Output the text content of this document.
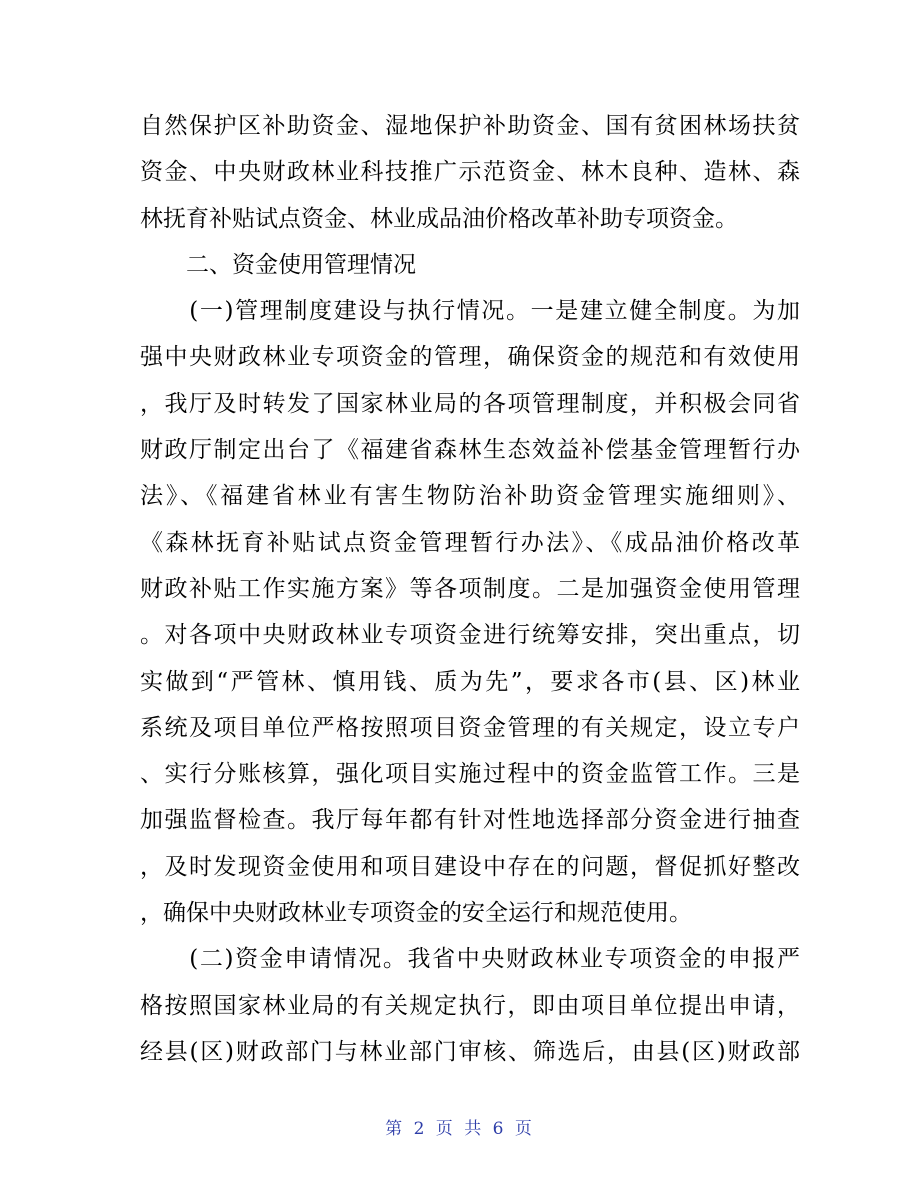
自然保护区补助资金、湿地保护补助资金、国有贫困林场扶贫
资金、中央财政林业科技推广示范资金、林木良种、造林、森
林抚育补贴试点资金、林业成品油价格改革补助专项资金。
　　二、资金使用管理情况
　　(一)管理制度建设与执行情况。一是建立健全制度。为加
强中央财政林业专项资金的管理，确保资金的规范和有效使用
，我厅及时转发了国家林业局的各项管理制度，并积极会同省
财政厅制定出台了《福建省森林生态效益补偿基金管理暂行办
法》、《福建省林业有害生物防治补助资金管理实施细则》、
《森林抚育补贴试点资金管理暂行办法》、《成品油价格改革
财政补贴工作实施方案》等各项制度。二是加强资金使用管理
。对各项中央财政林业专项资金进行统筹安排，突出重点，切
实做到“严管林、慎用钱、质为先”，要求各市(县、区)林业
系统及项目单位严格按照项目资金管理的有关规定，设立专户
、实行分账核算，强化项目实施过程中的资金监管工作。三是
加强监督检查。我厅每年都有针对性地选择部分资金进行抽查
，及时发现资金使用和项目建设中存在的问题，督促抓好整改
，确保中央财政林业专项资金的安全运行和规范使用。
　　(二)资金申请情况。我省中央财政林业专项资金的申报严
格按照国家林业局的有关规定执行，即由项目单位提出申请，
经县(区)财政部门与林业部门审核、筛选后，由县(区)财政部
第 2 页 共 6 页
